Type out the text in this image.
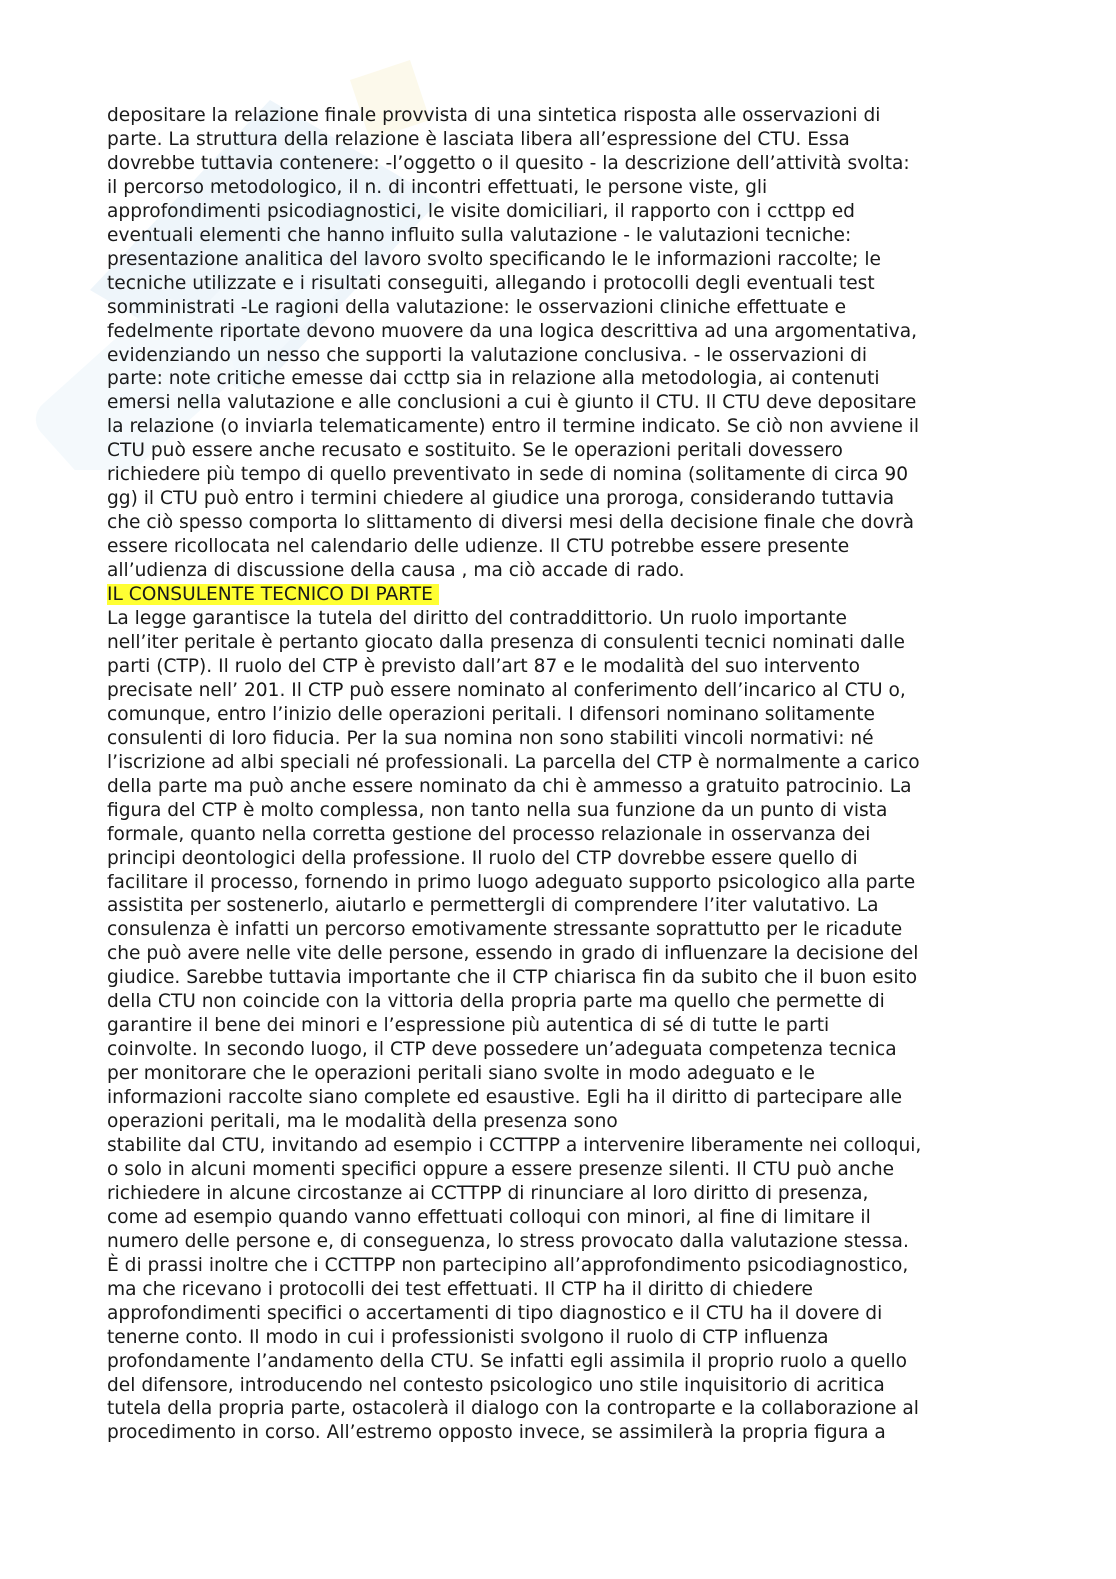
depositare la relazione finale provvista di una sintetica risposta alle osservazioni di
parte. La struttura della relazione è lasciata libera all’espressione del CTU. Essa
dovrebbe tuttavia contenere: -l’oggetto o il quesito - la descrizione dell’attività svolta:
il percorso metodologico, il n. di incontri effettuati, le persone viste, gli
approfondimenti psicodiagnostici, le visite domiciliari, il rapporto con i ccttpp ed
eventuali elementi che hanno influito sulla valutazione - le valutazioni tecniche:
presentazione analitica del lavoro svolto specificando le le informazioni raccolte; le
tecniche utilizzate e i risultati conseguiti, allegando i protocolli degli eventuali test
somministrati -Le ragioni della valutazione: le osservazioni cliniche effettuate e
fedelmente riportate devono muovere da una logica descrittiva ad una argomentativa,
evidenziando un nesso che supporti la valutazione conclusiva. - le osservazioni di
parte: note critiche emesse dai ccttp sia in relazione alla metodologia, ai contenuti
emersi nella valutazione e alle conclusioni a cui è giunto il CTU. Il CTU deve depositare
la relazione (o inviarla telematicamente) entro il termine indicato. Se ciò non avviene il
CTU può essere anche recusato e sostituito. Se le operazioni peritali dovessero
richiedere più tempo di quello preventivato in sede di nomina (solitamente di circa 90
gg) il CTU può entro i termini chiedere al giudice una proroga, considerando tuttavia
che ciò spesso comporta lo slittamento di diversi mesi della decisione finale che dovrà
essere ricollocata nel calendario delle udienze. Il CTU potrebbe essere presente
all’udienza di discussione della causa , ma ciò accade di rado.
IL CONSULENTE TECNICO DI PARTE
La legge garantisce la tutela del diritto del contraddittorio. Un ruolo importante
nell’iter peritale è pertanto giocato dalla presenza di consulenti tecnici nominati dalle
parti (CTP). Il ruolo del CTP è previsto dall’art 87 e le modalità del suo intervento
precisate nell’ 201. Il CTP può essere nominato al conferimento dell’incarico al CTU o,
comunque, entro l’inizio delle operazioni peritali. I difensori nominano solitamente
consulenti di loro fiducia. Per la sua nomina non sono stabiliti vincoli normativi: né
l’iscrizione ad albi speciali né professionali. La parcella del CTP è normalmente a carico
della parte ma può anche essere nominato da chi è ammesso a gratuito patrocinio. La
figura del CTP è molto complessa, non tanto nella sua funzione da un punto di vista
formale, quanto nella corretta gestione del processo relazionale in osservanza dei
principi deontologici della professione. Il ruolo del CTP dovrebbe essere quello di
facilitare il processo, fornendo in primo luogo adeguato supporto psicologico alla parte
assistita per sostenerlo, aiutarlo e permettergli di comprendere l’iter valutativo. La
consulenza è infatti un percorso emotivamente stressante soprattutto per le ricadute
che può avere nelle vite delle persone, essendo in grado di influenzare la decisione del
giudice. Sarebbe tuttavia importante che il CTP chiarisca fin da subito che il buon esito
della CTU non coincide con la vittoria della propria parte ma quello che permette di
garantire il bene dei minori e l’espressione più autentica di sé di tutte le parti
coinvolte. In secondo luogo, il CTP deve possedere un’adeguata competenza tecnica
per monitorare che le operazioni peritali siano svolte in modo adeguato e le
informazioni raccolte siano complete ed esaustive. Egli ha il diritto di partecipare alle
operazioni peritali, ma le modalità della presenza sono
stabilite dal CTU, invitando ad esempio i CCTTPP a intervenire liberamente nei colloqui,
o solo in alcuni momenti specifici oppure a essere presenze silenti. Il CTU può anche
richiedere in alcune circostanze ai CCTTPP di rinunciare al loro diritto di presenza,
come ad esempio quando vanno effettuati colloqui con minori, al fine di limitare il
numero delle persone e, di conseguenza, lo stress provocato dalla valutazione stessa.
È di prassi inoltre che i CCTTPP non partecipino all’approfondimento psicodiagnostico,
ma che ricevano i protocolli dei test effettuati. Il CTP ha il diritto di chiedere
approfondimenti specifici o accertamenti di tipo diagnostico e il CTU ha il dovere di
tenerne conto. Il modo in cui i professionisti svolgono il ruolo di CTP influenza
profondamente l’andamento della CTU. Se infatti egli assimila il proprio ruolo a quello
del difensore, introducendo nel contesto psicologico uno stile inquisitorio di acritica
tutela della propria parte, ostacolerà il dialogo con la controparte e la collaborazione al
procedimento in corso. All’estremo opposto invece, se assimilerà la propria figura a
